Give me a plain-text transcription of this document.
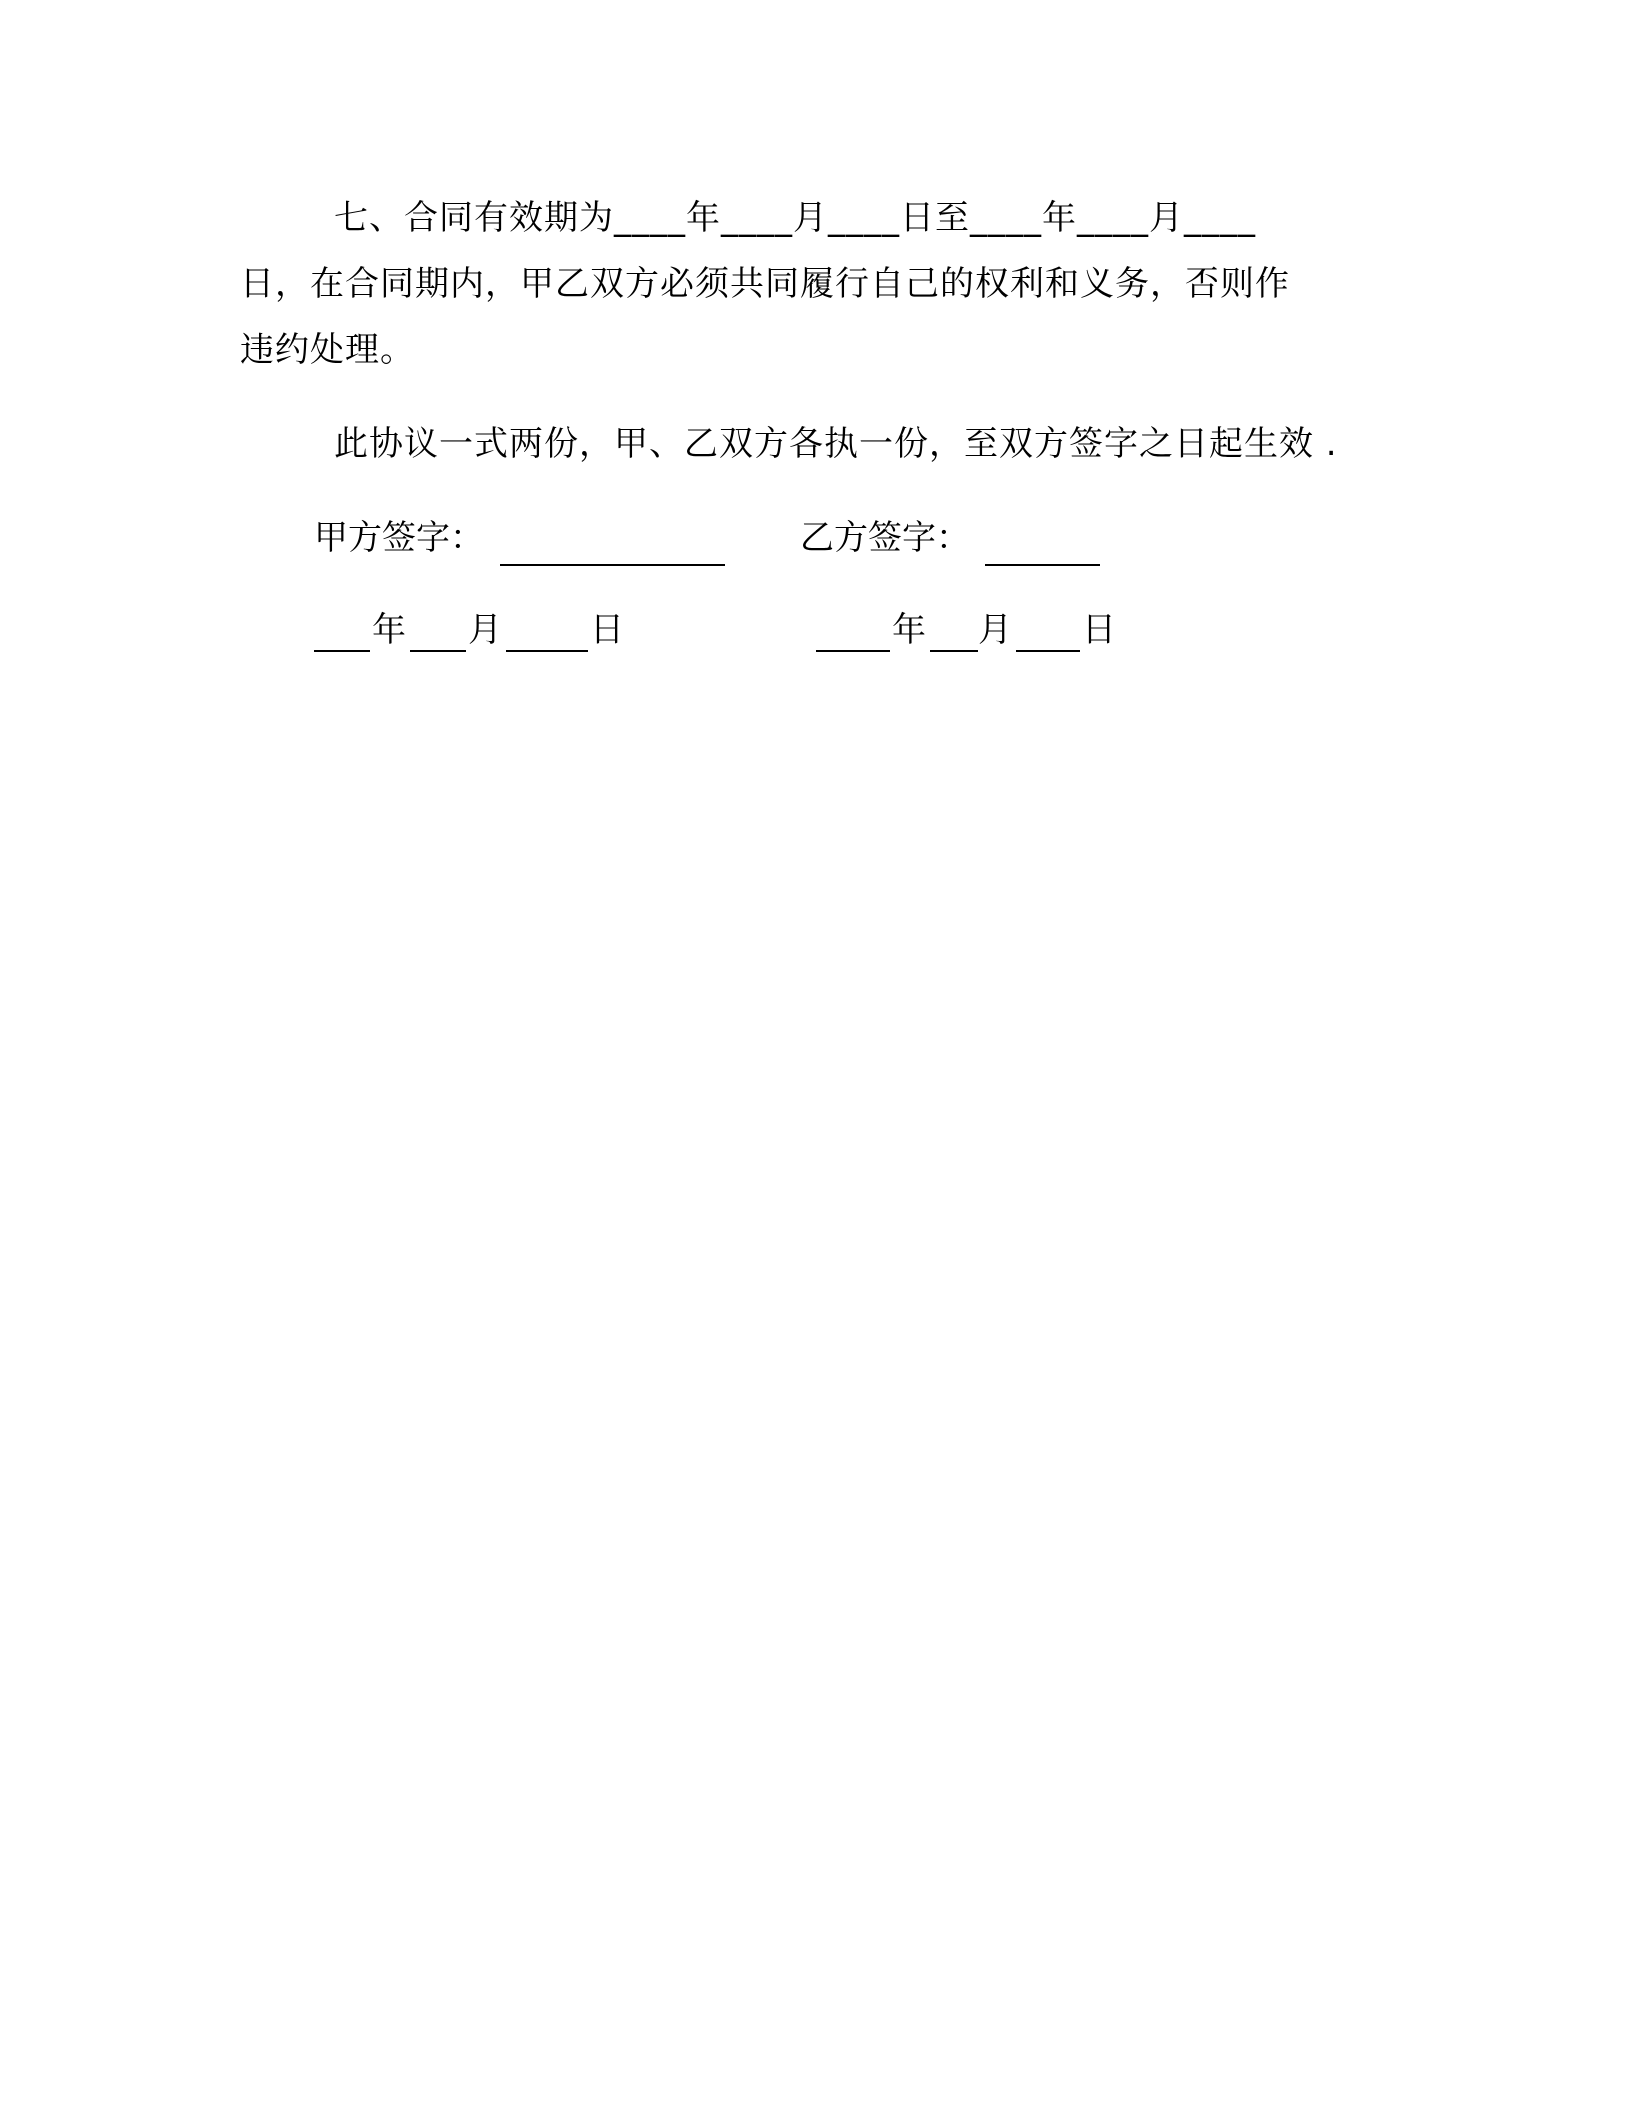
七、合同有效期为____年____月____日至____年____月____
日，在合同期内，甲乙双方必须共同履行自己的权利和义务，否则作
违约处理。
此协议一式两份，甲、乙双方各执一份，至双方签字之日起生效 .
甲方签字：	乙方签字：
年 月	日	年 月 日
